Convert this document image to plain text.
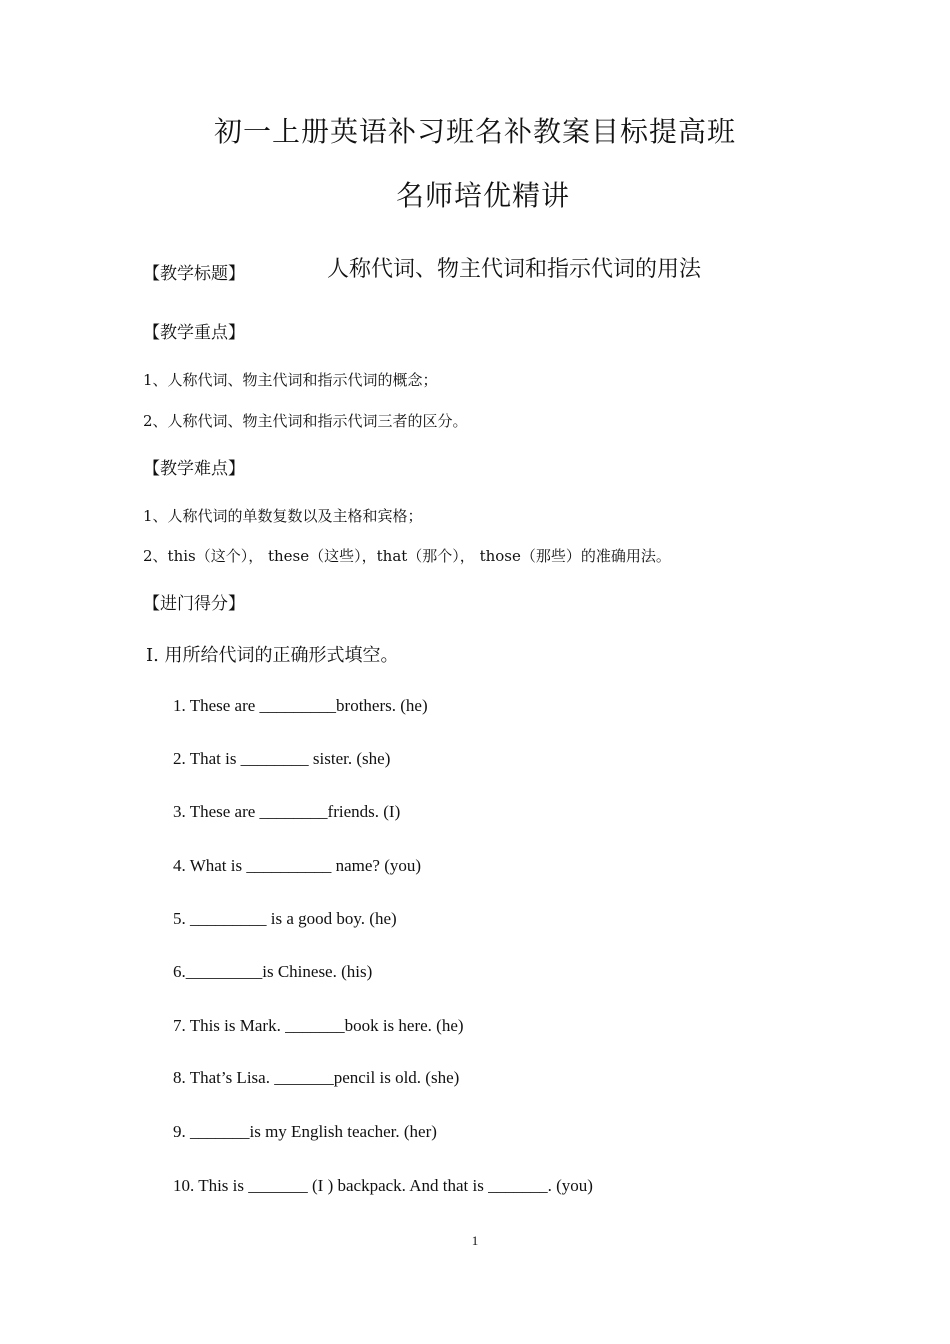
初一上册英语补习班名补教案目标提高班
名师培优精讲
【教学标题】	人称代词、物主代词和指示代词的用法
【教学重点】
1、人称代词、物主代词和指示代词的概念；
2、人称代词、物主代词和指示代词三者的区分。
【教学难点】
1、人称代词的单数复数以及主格和宾格；
2、this（这个）， these（这些），that（那个）， those（那些）的准确用法。
【进门得分】
Ⅰ. 用所给代词的正确形式填空。
1. These are _________brothers. (he)
2. That is ________ sister. (she)
3. These are ________friends. (I)
4. What is __________ name? (you)
5. _________ is a good boy. (he)
6._________is Chinese. (his)
7. This is Mark. _______book is here. (he)
8. That’s Lisa. _______pencil is old. (she)
9. _______is my English teacher. (her)
10. This is _______ (I ) backpack. And that is _______. (you)
1
